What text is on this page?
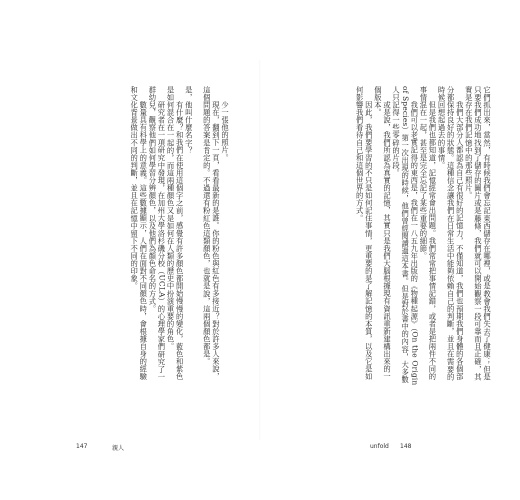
少一張他的照片。

現在，翻到下一頁，看看最新的是誰。你的粉色與紅色有多接近？對於許多人來說，這個問題的答案是肯定的。不過還有粉紅色這類顏色，也就是說，這兩個顏色都是。

是，他叫什麼名字？

有什麼？和我們在使用這個字之前，感覺有許多顏色都開始慢慢的變化，藍色和紫色是如何混合在一起的，而這兩種顏色又是如何在人類的歷史中扮演重要的角色。

研究者在一項研究中發現，在加州大學洛杉磯分校（UCLA）的心理學家們研究了一群幼兒，觀察他們如何學習分辨顏色，以及他們為顏色命名的方式。

數量具有科學上的意義。這些數據顯示，人們在面對不同顏色時，會根據自身的經驗和文化背景做出不同的判斷，並且在記憶中留下不同的印象。

147	親人

它們抓出來，當然，有時候我們會忘記東西儲存在哪裡，或是教會我們失去了健康；但是只要我們成功地找到了儲存的圖片或是藤條，我們就可以開始觀察一段可靠而且正確，其實是存在我們記憶中的那些照片。

我們大部分人都認為自己有很好的記憶力，不僅知道，我們也預期我們身體的各個部分都保持良好的狀態。這種信念讓我們在日常生活中能夠依賴自己的判斷，並且在需要的時候回想起過去的事情。

但是我們也都知道，記憶經常會出問題。我們常常把事情記錯，或者是把兩件不同的事情混在一起，甚至是完全忘記了某些重要的細節。

我們可以老實記得的東西是，我們在一八五九年出版的《物種起源》（On the Origin of Species）第一次出現的時候，他們曾經閱讀過這本書。但是對於書中的內容，大多數人只記得一些零碎的片段。

或是說，我們所認為真實的記憶，其實只是我們大腦根據現有資訊重新建構出來的一個版本。

因此，我們要學習的不只是如何記住事情，更重要的是了解記憶的本質，以及它是如何影響我們看待自己和這個世界的方式。

unfold 148
